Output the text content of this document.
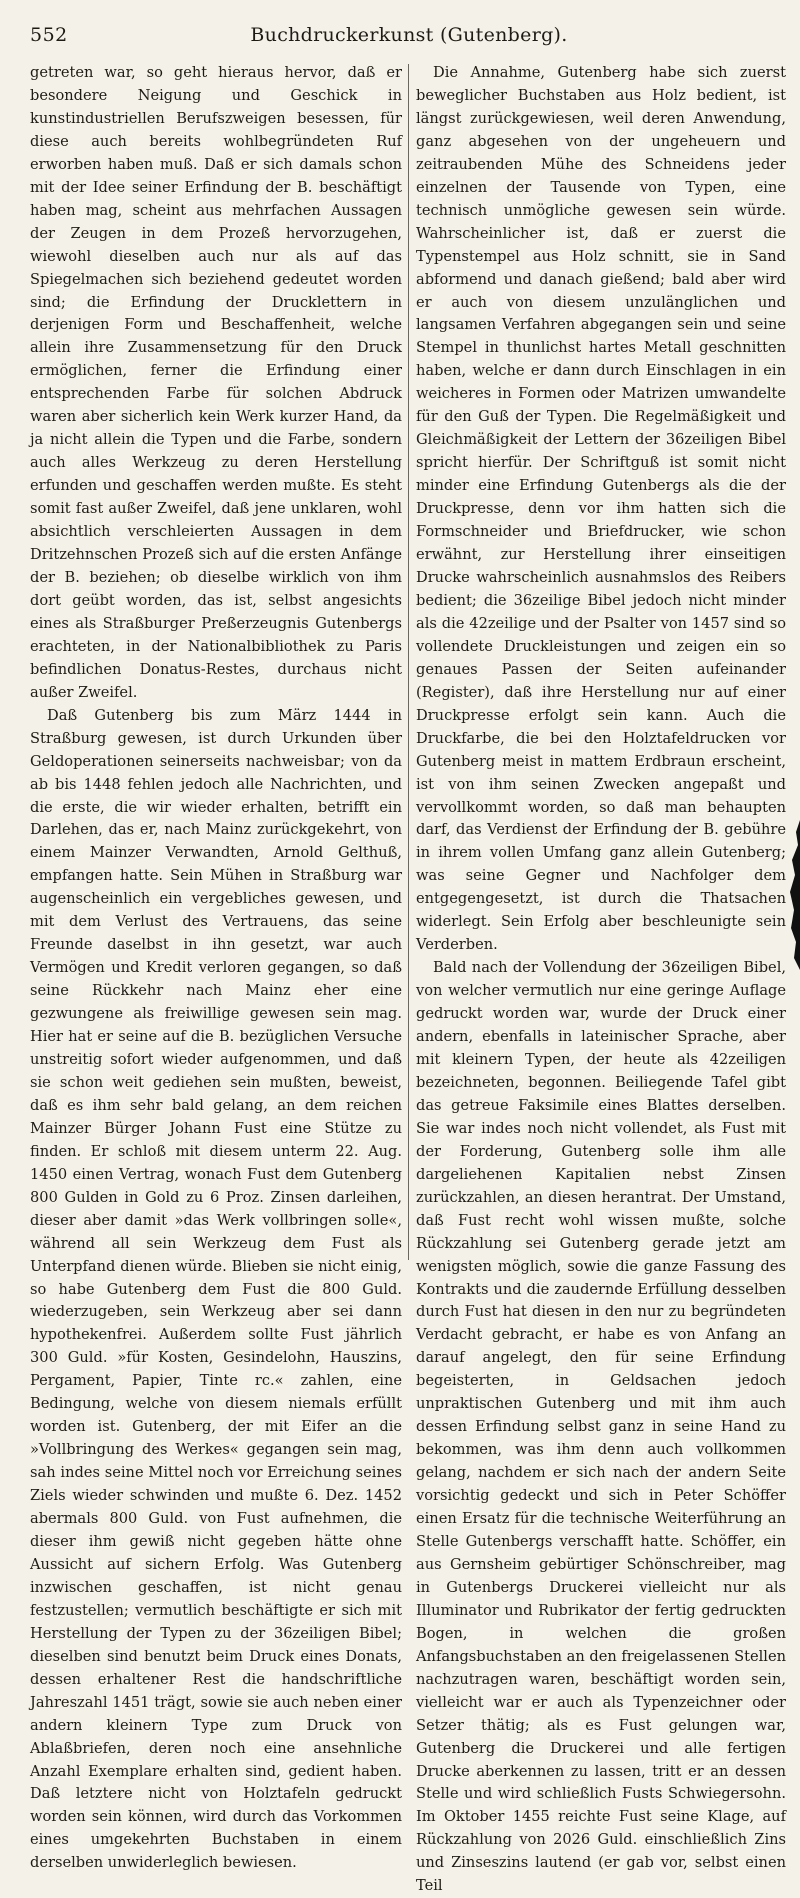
552	Buchdruckerkunst (Gutenberg).

getreten war, so geht hieraus hervor, daß er besondere Neigung und Geschick in kunstindustriellen Berufszweigen besessen, für diese auch bereits wohlbegründeten Ruf erworben haben muß. Daß er sich damals schon mit der Idee seiner Erfindung der B. beschäftigt haben mag, scheint aus mehrfachen Aussagen der Zeugen in dem Prozeß hervorzugehen, wiewohl dieselben auch nur als auf das Spiegelmachen sich beziehend gedeutet worden sind; die Erfindung der Drucklettern in derjenigen Form und Beschaffenheit, welche allein ihre Zusammensetzung für den Druck ermöglichen, ferner die Erfindung einer entsprechenden Farbe für solchen Abdruck waren aber sicherlich kein Werk kurzer Hand, da ja nicht allein die Typen und die Farbe, sondern auch alles Werkzeug zu deren Herstellung erfunden und geschaffen werden mußte. Es steht somit fast außer Zweifel, daß jene unklaren, wohl absichtlich verschleierten Aussagen in dem Dritzehnschen Prozeß sich auf die ersten Anfänge der B. beziehen; ob dieselbe wirklich von ihm dort geübt worden, das ist, selbst angesichts eines als Straßburger Preßerzeugnis Gutenbergs erachteten, in der Nationalbibliothek zu Paris befindlichen Donatus-Restes, durchaus nicht außer Zweifel.

Daß Gutenberg bis zum März 1444 in Straßburg gewesen, ist durch Urkunden über Geldoperationen seinerseits nachweisbar; von da ab bis 1448 fehlen jedoch alle Nachrichten, und die erste, die wir wieder erhalten, betrifft ein Darlehen, das er, nach Mainz zurückgekehrt, von einem Mainzer Verwandten, Arnold Gelthuß, empfangen hatte. Sein Mühen in Straßburg war augenscheinlich ein vergebliches gewesen, und mit dem Verlust des Vertrauens, das seine Freunde daselbst in ihn gesetzt, war auch Vermögen und Kredit verloren gegangen, so daß seine Rückkehr nach Mainz eher eine gezwungene als freiwillige gewesen sein mag. Hier hat er seine auf die B. bezüglichen Versuche unstreitig sofort wieder aufgenommen, und daß sie schon weit gediehen sein mußten, beweist, daß es ihm sehr bald gelang, an dem reichen Mainzer Bürger Johann Fust eine Stütze zu finden. Er schloß mit diesem unterm 22. Aug. 1450 einen Vertrag, wonach Fust dem Gutenberg 800 Gulden in Gold zu 6 Proz. Zinsen darleihen, dieser aber damit »das Werk vollbringen solle«, während all sein Werkzeug dem Fust als Unterpfand dienen würde. Blieben sie nicht einig, so habe Gutenberg dem Fust die 800 Guld. wiederzugeben, sein Werkzeug aber sei dann hypothekenfrei. Außerdem sollte Fust jährlich 300 Guld. »für Kosten, Gesindelohn, Hauszins, Pergament, Papier, Tinte rc.« zahlen, eine Bedingung, welche von diesem niemals erfüllt worden ist. Gutenberg, der mit Eifer an die »Vollbringung des Werkes« gegangen sein mag, sah indes seine Mittel noch vor Erreichung seines Ziels wieder schwinden und mußte 6. Dez. 1452 abermals 800 Guld. von Fust aufnehmen, die dieser ihm gewiß nicht gegeben hätte ohne Aussicht auf sichern Erfolg. Was Gutenberg inzwischen geschaffen, ist nicht genau festzustellen; vermutlich beschäftigte er sich mit Herstellung der Typen zu der 36zeiligen Bibel; dieselben sind benutzt beim Druck eines Donats, dessen erhaltener Rest die handschriftliche Jahreszahl 1451 trägt, sowie sie auch neben einer andern kleinern Type zum Druck von Ablaßbriefen, deren noch eine ansehnliche Anzahl Exemplare erhalten sind, gedient haben. Daß letztere nicht von Holztafeln gedruckt worden sein können, wird durch das Vorkommen eines umgekehrten Buchstaben in einem derselben unwiderleglich bewiesen.

Die Annahme, Gutenberg habe sich zuerst beweglicher Buchstaben aus Holz bedient, ist längst zurückgewiesen, weil deren Anwendung, ganz abgesehen von der ungeheuern und zeitraubenden Mühe des Schneidens jeder einzelnen der Tausende von Typen, eine technisch unmögliche gewesen sein würde. Wahrscheinlicher ist, daß er zuerst die Typenstempel aus Holz schnitt, sie in Sand abformend und danach gießend; bald aber wird er auch von diesem unzulänglichen und langsamen Verfahren abgegangen sein und seine Stempel in thunlichst hartes Metall geschnitten haben, welche er dann durch Einschlagen in ein weicheres in Formen oder Matrizen umwandelte für den Guß der Typen. Die Regelmäßigkeit und Gleichmäßigkeit der Lettern der 36zeiligen Bibel spricht hierfür. Der Schriftguß ist somit nicht minder eine Erfindung Gutenbergs als die der Druckpresse, denn vor ihm hatten sich die Formschneider und Briefdrucker, wie schon erwähnt, zur Herstellung ihrer einseitigen Drucke wahrscheinlich ausnahmslos des Reibers bedient; die 36zeilige Bibel jedoch nicht minder als die 42zeilige und der Psalter von 1457 sind so vollendete Druckleistungen und zeigen ein so genaues Passen der Seiten aufeinander (Register), daß ihre Herstellung nur auf einer Druckpresse erfolgt sein kann. Auch die Druckfarbe, die bei den Holztafeldrucken vor Gutenberg meist in mattem Erdbraun erscheint, ist von ihm seinen Zwecken angepaßt und vervollkommt worden, so daß man behaupten darf, das Verdienst der Erfindung der B. gebühre in ihrem vollen Umfang ganz allein Gutenberg; was seine Gegner und Nachfolger dem entgegengesetzt, ist durch die Thatsachen widerlegt. Sein Erfolg aber beschleunigte sein Verderben.

Bald nach der Vollendung der 36zeiligen Bibel, von welcher vermutlich nur eine geringe Auflage gedruckt worden war, wurde der Druck einer andern, ebenfalls in lateinischer Sprache, aber mit kleinern Typen, der heute als 42zeiligen bezeichneten, begonnen. Beiliegende Tafel gibt das getreue Faksimile eines Blattes derselben. Sie war indes noch nicht vollendet, als Fust mit der Forderung, Gutenberg solle ihm alle dargeliehenen Kapitalien nebst Zinsen zurückzahlen, an diesen herantrat. Der Umstand, daß Fust recht wohl wissen mußte, solche Rückzahlung sei Gutenberg gerade jetzt am wenigsten möglich, sowie die ganze Fassung des Kontrakts und die zaudernde Erfüllung desselben durch Fust hat diesen in den nur zu begründeten Verdacht gebracht, er habe es von Anfang an darauf angelegt, den für seine Erfindung begeisterten, in Geldsachen jedoch unpraktischen Gutenberg und mit ihm auch dessen Erfindung selbst ganz in seine Hand zu bekommen, was ihm denn auch vollkommen gelang, nachdem er sich nach der andern Seite vorsichtig gedeckt und sich in Peter Schöffer einen Ersatz für die technische Weiterführung an Stelle Gutenbergs verschafft hatte. Schöffer, ein aus Gernsheim gebürtiger Schönschreiber, mag in Gutenbergs Druckerei vielleicht nur als Illuminator und Rubrikator der fertig gedruckten Bogen, in welchen die großen Anfangsbuchstaben an den freigelassenen Stellen nachzutragen waren, beschäftigt worden sein, vielleicht war er auch als Typenzeichner oder Setzer thätig; als es Fust gelungen war, Gutenberg die Druckerei und alle fertigen Drucke aberkennen zu lassen, tritt er an dessen Stelle und wird schließlich Fusts Schwiegersohn. Im Oktober 1455 reichte Fust seine Klage, auf Rückzahlung von 2026 Guld. einschließlich Zins und Zinseszins lautend (er gab vor, selbst einen Teil
